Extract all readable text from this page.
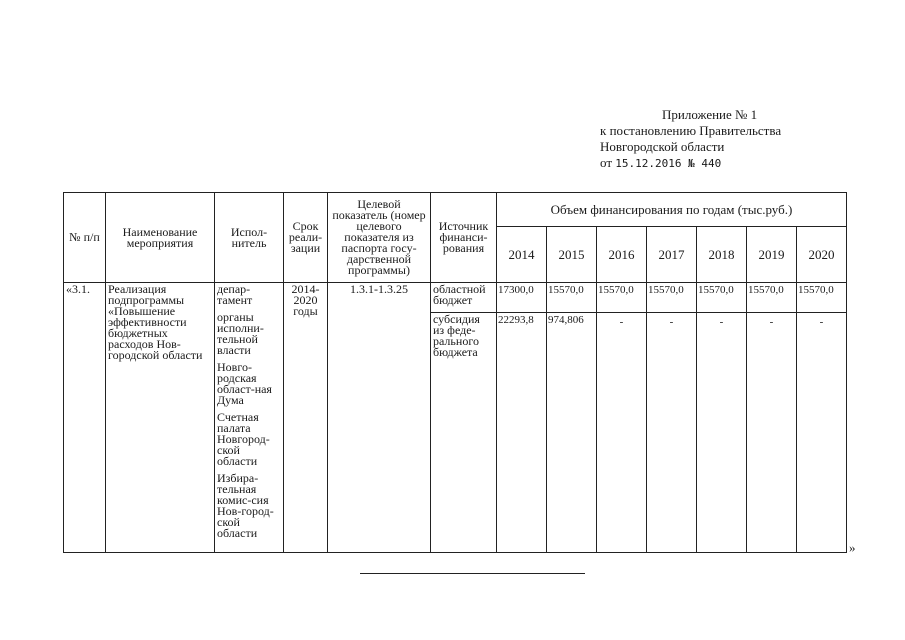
Приложение № 1
к постановлению Правительства
Новгородской области
от 15.12.2016 № 440
№ п/п	Наименование мероприятия	Испол-нитель	Срок реали-зации	Целевой показатель (номер целевого показателя из паспорта госу-дарственной программы)	Источник финанси-рования	Объем финансирования по годам (тыс.руб.)						
						2014	2015	2016	2017	2018	2019	2020
«3.1.	Реализация подпрограммы «Повышение эффективности бюджетных расходов Нов-городской области	депар-тамент
органы исполни-тельной власти
Новго-родская област-ная Дума
Счетная палата Новгород-ской области
Избира-тельная комис-сия Нов-город-ской области	2014-2020 годы	1.3.1-1.3.25	областной бюджет	17300,0	15570,0	15570,0	15570,0	15570,0	15570,0	15570,0
					субсидия из феде-рального бюджета	22293,8	974,806	-	-	-	-	-
»
